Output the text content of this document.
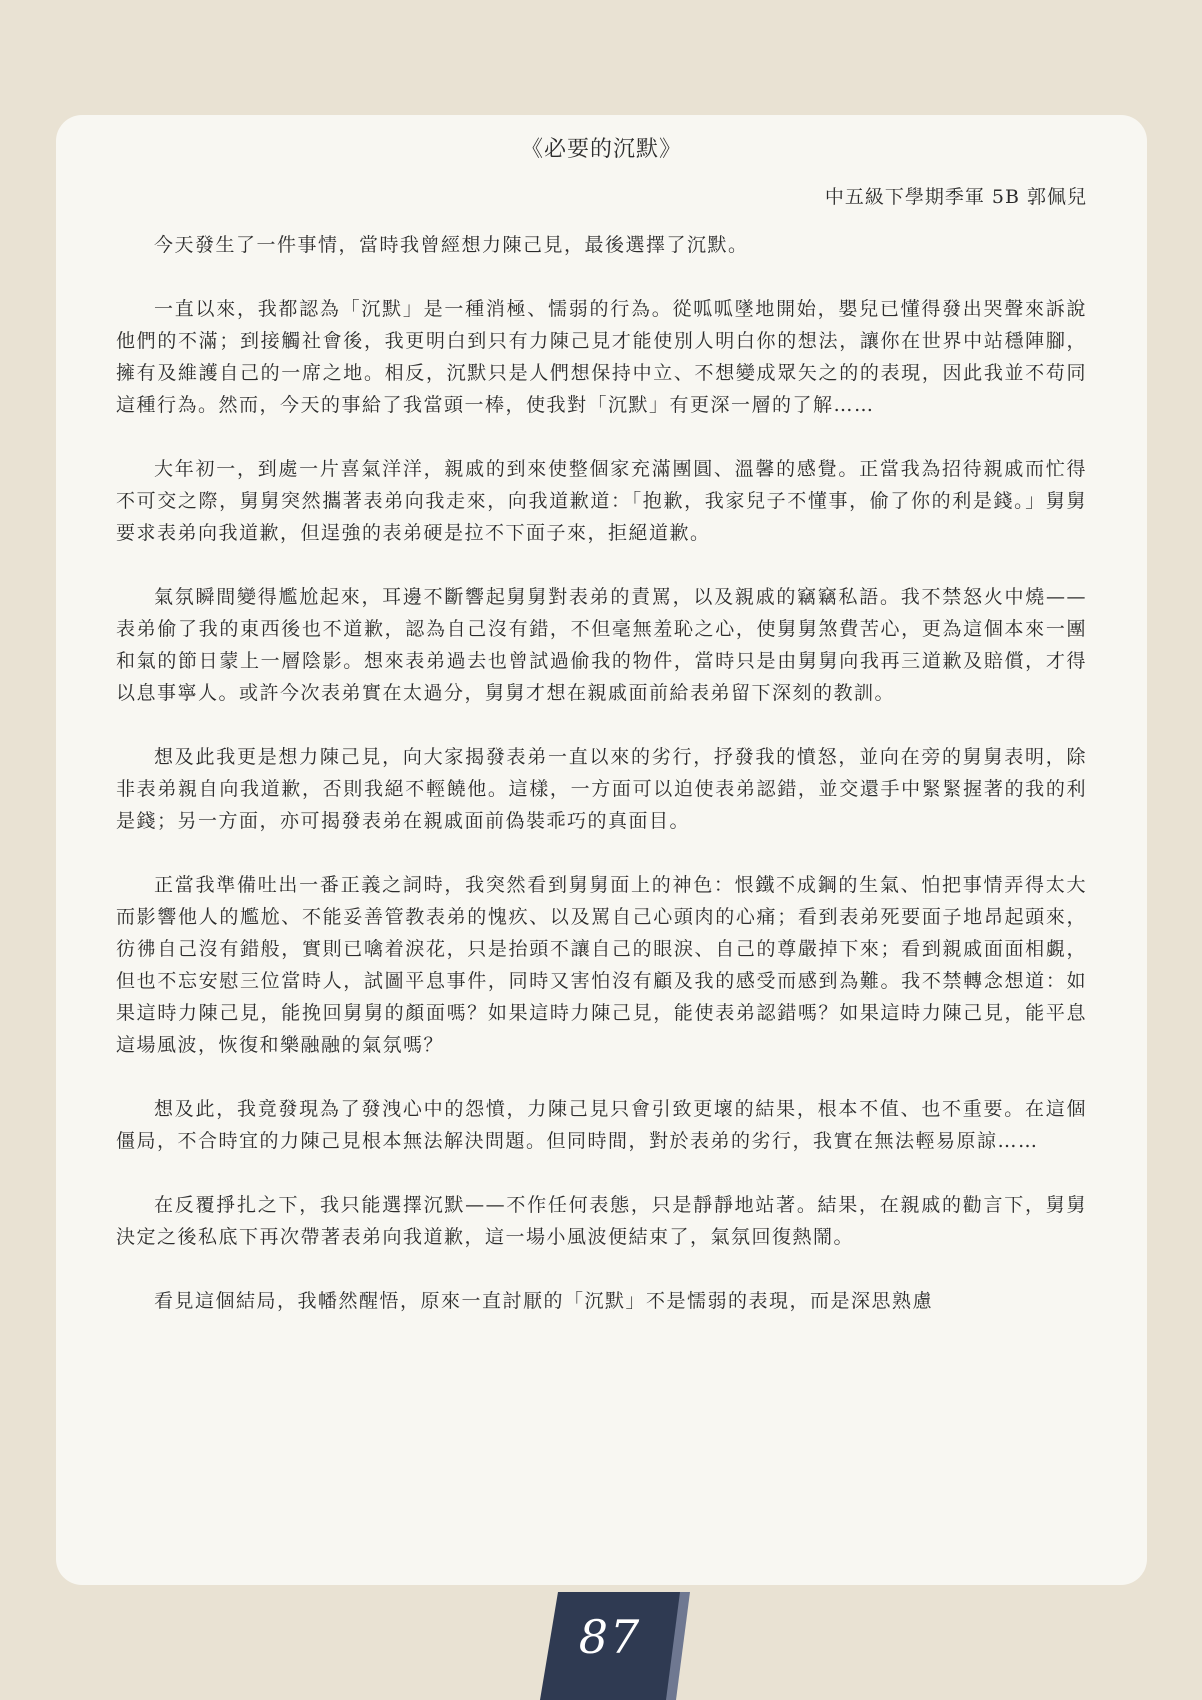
《必要的沉默》
中五級下學期季軍 5B 郭佩兒

今天發生了一件事情，當時我曾經想力陳己見，最後選擇了沉默。

一直以來，我都認為「沉默」是一種消極、懦弱的行為。從呱呱墜地開始，嬰兒已懂得發出哭聲來訴說他們的不滿；到接觸社會後，我更明白到只有力陳己見才能使別人明白你的想法，讓你在世界中站穩陣腳，擁有及維護自己的一席之地。相反，沉默只是人們想保持中立、不想變成眾矢之的的表現，因此我並不苟同這種行為。然而，今天的事給了我當頭一棒，使我對「沉默」有更深一層的了解……

大年初一，到處一片喜氣洋洋，親戚的到來使整個家充滿團圓、溫馨的感覺。正當我為招待親戚而忙得不可交之際，舅舅突然攜著表弟向我走來，向我道歉道：「抱歉，我家兒子不懂事，偷了你的利是錢。」舅舅要求表弟向我道歉，但逞強的表弟硬是拉不下面子來，拒絕道歉。

氣氛瞬間變得尷尬起來，耳邊不斷響起舅舅對表弟的責罵，以及親戚的竊竊私語。我不禁怒火中燒——表弟偷了我的東西後也不道歉，認為自己沒有錯，不但毫無羞恥之心，使舅舅煞費苦心，更為這個本來一團和氣的節日蒙上一層陰影。想來表弟過去也曾試過偷我的物件，當時只是由舅舅向我再三道歉及賠償，才得以息事寧人。或許今次表弟實在太過分，舅舅才想在親戚面前給表弟留下深刻的教訓。

想及此我更是想力陳己見，向大家揭發表弟一直以來的劣行，抒發我的憤怒，並向在旁的舅舅表明，除非表弟親自向我道歉，否則我絕不輕饒他。這樣，一方面可以迫使表弟認錯，並交還手中緊緊握著的我的利是錢；另一方面，亦可揭發表弟在親戚面前偽裝乖巧的真面目。

正當我準備吐出一番正義之詞時，我突然看到舅舅面上的神色：恨鐵不成鋼的生氣、怕把事情弄得太大而影響他人的尷尬、不能妥善管教表弟的愧疚、以及罵自己心頭肉的心痛；看到表弟死要面子地昂起頭來，彷彿自己沒有錯般，實則已噙着淚花，只是抬頭不讓自己的眼淚、自己的尊嚴掉下來；看到親戚面面相覷，但也不忘安慰三位當時人，試圖平息事件，同時又害怕沒有顧及我的感受而感到為難。我不禁轉念想道：如果這時力陳己見，能挽回舅舅的顏面嗎？如果這時力陳己見，能使表弟認錯嗎？如果這時力陳己見，能平息這場風波，恢復和樂融融的氣氛嗎？

想及此，我竟發現為了發洩心中的怨憤，力陳己見只會引致更壞的結果，根本不值、也不重要。在這個僵局，不合時宜的力陳己見根本無法解決問題。但同時間，對於表弟的劣行，我實在無法輕易原諒……

在反覆掙扎之下，我只能選擇沉默——不作任何表態，只是靜靜地站著。結果，在親戚的勸言下，舅舅決定之後私底下再次帶著表弟向我道歉，這一場小風波便結束了，氣氛回復熱鬧。

看見這個結局，我幡然醒悟，原來一直討厭的「沉默」不是懦弱的表現，而是深思熟慮

87
